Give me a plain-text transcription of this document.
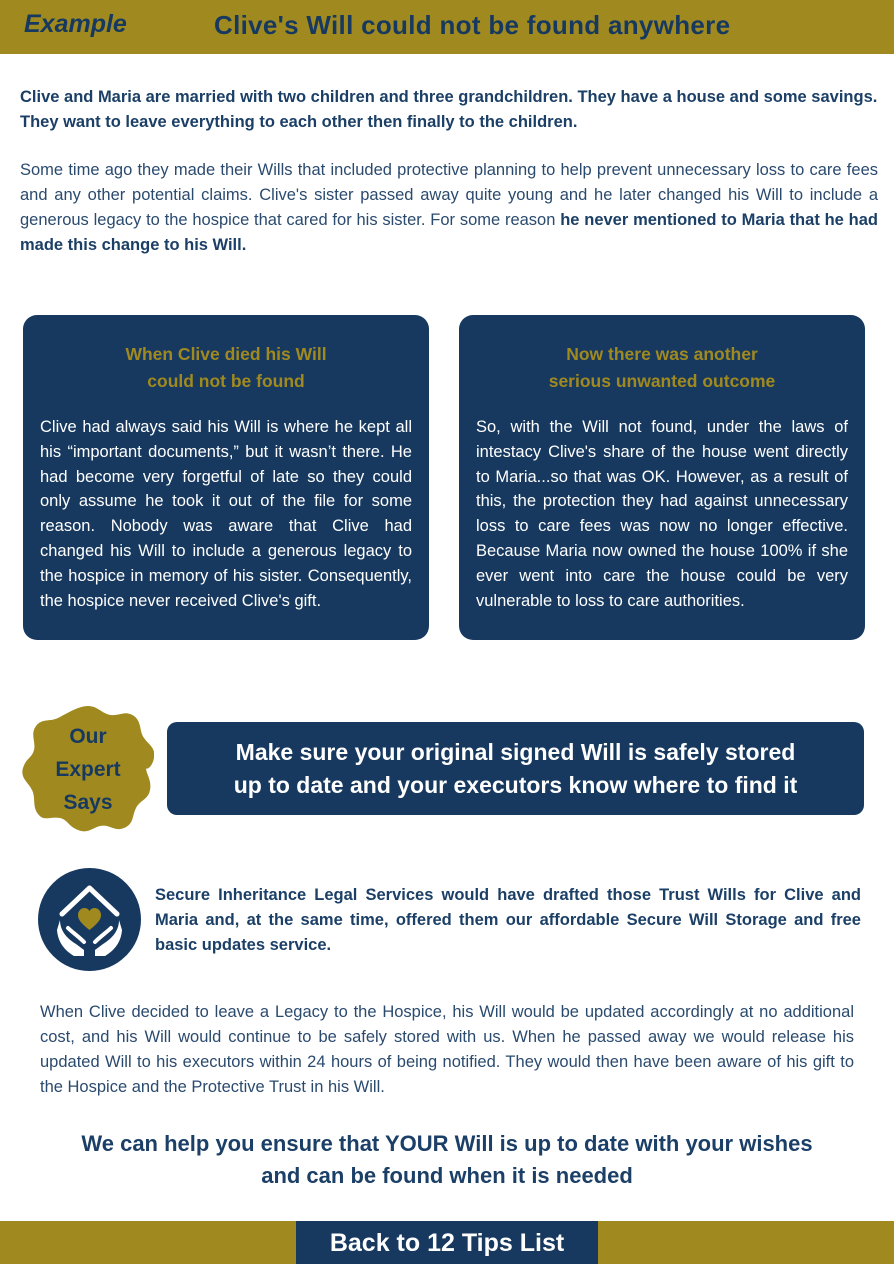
Example	Clive's Will could not be found anywhere
Clive and Maria are married with two children and three grandchildren. They have a house and some savings. They want to leave everything to each other then finally to the children.
Some time ago they made their Wills that included protective planning to help prevent unnecessary loss to care fees and any other potential claims. Clive's sister passed away quite young and he later changed his Will to include a generous legacy to the hospice that cared for his sister. For some reason he never mentioned to Maria that he had made this change to his Will.
When Clive died his Will
could not be found
Clive had always said his Will is where he kept all his “important documents,” but it wasn’t there. He had become very forgetful of late so they could only assume he took it out of the file for some reason. Nobody was aware that Clive had changed his Will to include a generous legacy to the hospice in memory of his sister. Consequently, the hospice never received Clive's gift.
Now there was another
serious unwanted outcome
So, with the Will not found, under the laws of intestacy Clive's share of the house went directly to Maria...so that was OK. However, as a result of this, the protection they had against unnecessary loss to care fees was now no longer effective. Because Maria now owned the house 100% if she ever went into care the house could be very vulnerable to loss to care authorities.
Our
Expert
Says
Make sure your original signed Will is safely stored
up to date and your executors know where to find it
Secure Inheritance Legal Services would have drafted those Trust Wills for Clive and Maria and, at the same time, offered them our affordable Secure Will Storage and free basic updates service.
When Clive decided to leave a Legacy to the Hospice, his Will would be updated accordingly at no additional cost, and his Will would continue to be safely stored with us. When he passed away we would release his updated Will to his executors within 24 hours of being notified. They would then have been aware of his gift to the Hospice and the Protective Trust in his Will.
We can help you ensure that YOUR Will is up to date with your wishes
and can be found when it is needed
Back to 12 Tips List
